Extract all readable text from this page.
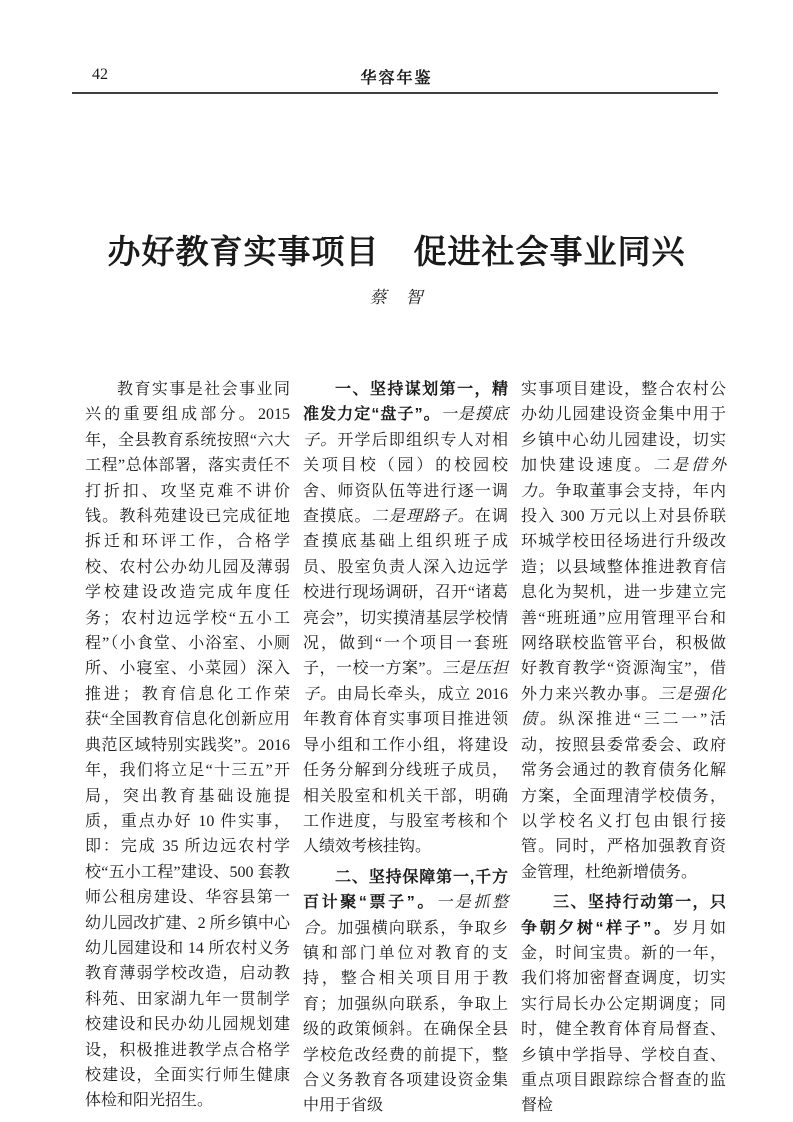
42	华容年鉴
办好教育实事项目　促进社会事业同兴
蔡　智

教育实事是社会事业同兴的重要组成部分。2015 年，全县教育系统按照“六大工程”总体部署，落实责任不打折扣、攻坚克难不讲价钱。教科苑建设已完成征地拆迁和环评工作，合格学校、农村公办幼儿园及薄弱学校建设改造完成年度任务；农村边远学校“五小工程”（小食堂、小浴室、小厕所、小寝室、小菜园）深入推进；教育信息化工作荣获“全国教育信息化创新应用典范区域特别实践奖”。2016 年，我们将立足“十三五”开局，突出教育基础设施提质，重点办好 10 件实事，即：完成 35 所边远农村学校“五小工程”建设、500 套教师公租房建设、华容县第一幼儿园改扩建、2 所乡镇中心幼儿园建设和 14 所农村义务教育薄弱学校改造，启动教科苑、田家湖九年一贯制学校建设和民办幼儿园规划建设，积极推进教学点合格学校建设，全面实行师生健康体检和阳光招生。

一、坚持谋划第一，精准发力定“盘子”。一是摸底子。开学后即组织专人对相关项目校（园）的校园校舍、师资队伍等进行逐一调查摸底。二是理路子。在调查摸底基础上组织班子成员、股室负责人深入边远学校进行现场调研，召开“诸葛亮会”，切实摸清基层学校情况，做到“一个项目一套班子，一校一方案”。三是压担子。由局长牵头，成立 2016 年教育体育实事项目推进领导小组和工作小组，将建设任务分解到分线班子成员，相关股室和机关干部，明确工作进度，与股室考核和个人绩效考核挂钩。

二、坚持保障第一,千方百计聚“票子”。一是抓整合。加强横向联系，争取乡镇和部门单位对教育的支持，整合相关项目用于教育；加强纵向联系，争取上级的政策倾斜。在确保全县学校危改经费的前提下，整合义务教育各项建设资金集中用于省级

实事项目建设，整合农村公办幼儿园建设资金集中用于乡镇中心幼儿园建设，切实加快建设速度。二是借外力。争取董事会支持，年内投入 300 万元以上对县侨联环城学校田径场进行升级改造；以县域整体推进教育信息化为契机，进一步建立完善“班班通”应用管理平台和网络联校监管平台，积极做好教育教学“资源淘宝”，借外力来兴教办事。三是强化债。纵深推进“三二一”活动，按照县委常委会、政府常务会通过的教育债务化解方案，全面理清学校债务，以学校名义打包由银行接管。同时，严格加强教育资金管理，杜绝新增债务。

三、坚持行动第一，只争朝夕树“样子”。岁月如金，时间宝贵。新的一年，我们将加密督查调度，切实实行局长办公定期调度；同时，健全教育体育局督查、乡镇中学指导、学校自查、重点项目跟踪综合督查的监督检
